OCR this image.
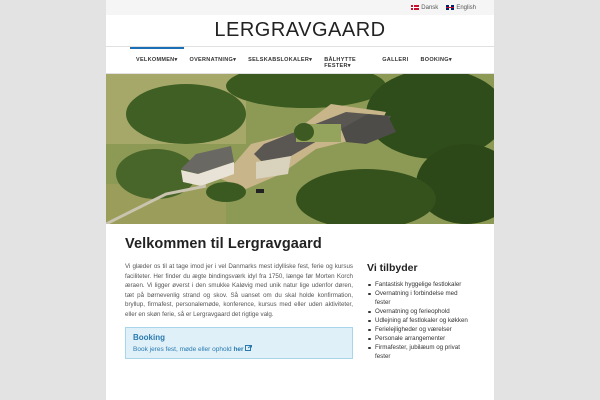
Dansk	English
LERGRAVGAARD
VELKOMMEN▾	OVERNATNING▾	SELSKABSLOKALER▾	BÅLHYTTE FESTER▾
GALLERI	BOOKING▾
Velkommen til Lergravgaard

Vi glæder os til at tage imod jer i vel Danmarks mest idylliske fest, ferie og kursus faciliteter. Her finder du ægte bindingsværk idyl fra 1750, længe før Morten Korch æraen. Vi ligger øverst i den smukke Kaløvig med unik natur lige udenfor døren, tæt på børnevenlig strand og skov. Så uanset om du skal holde konfirmation, bryllup, firmafest, personalemøde, konference, kursus med eller uden aktiviteter, eller en skøn ferie, så er Lergravgaard det rigtige valg.

Booking
Book jeres fest, møde eller ophold her
Vi tilbyder
Fantastisk hyggelige festlokaler
Overnatning i forbindelse med fester
Overnatning og ferieophold
Udlejning af festlokaler og køkken
Ferielejligheder og værelser
Personale arrangementer
Firmafester, jubilæum og privat fester
